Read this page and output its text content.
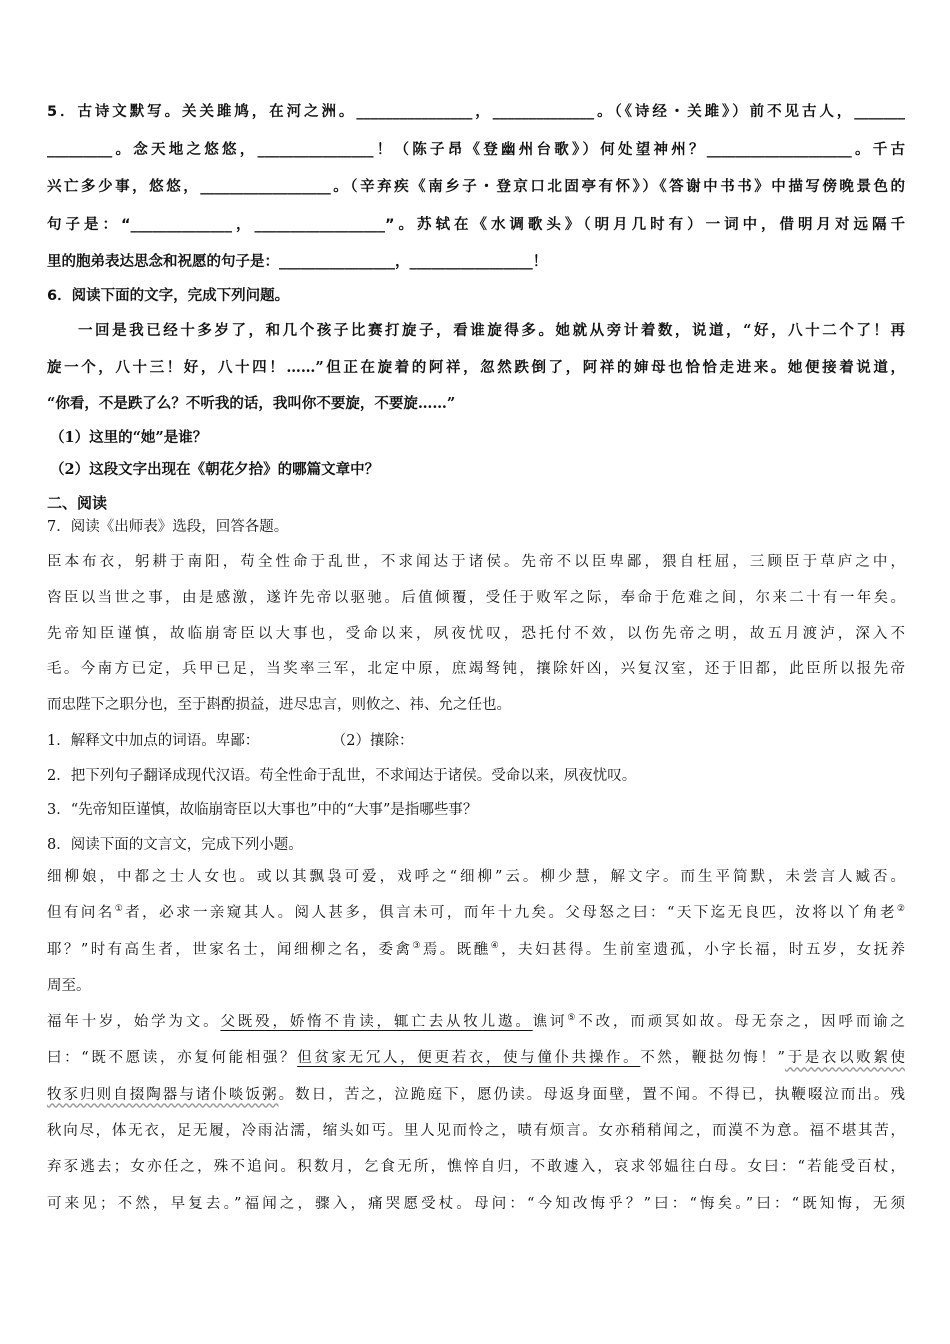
5．古诗文默写。关关雎鸠，在河之洲。________________，______________。（《诗经・关雎》）前不见古人，_______
_________。念天地之悠悠，________________！（陈子昂《登幽州台歌》）何处望神州？____________________。千古
兴亡多少事，悠悠，__________________。（辛弃疾《南乡子・登京口北固亭有怀》）《答谢中书书》中描写傍晚景色的
句子是：“______________，__________________”。苏轼在《水调歌头》（明月几时有）一词中，借明月对远隔千
里的胞弟表达思念和祝愿的句子是：________________，_________________！
6．阅读下面的文字，完成下列问题。
一回是我已经十多岁了，和几个孩子比赛打旋子，看谁旋得多。她就从旁计着数，说道，“好，八十二个了！再
旋一个，八十三！好，八十四！……”但正在旋着的阿祥，忽然跌倒了，阿祥的婶母也恰恰走进来。她便接着说道，
“你看，不是跌了么？不听我的话，我叫你不要旋，不要旋……”
（1）这里的“她”是谁？
（2）这段文字出现在《朝花夕拾》的哪篇文章中？
二、阅读
7．阅读《出师表》选段，回答各题。
臣本布衣，躬耕于南阳，苟全性命于乱世，不求闻达于诸侯。先帝不以臣卑鄙，猥自枉屈，三顾臣于草庐之中，
咨臣以当世之事，由是感激，遂许先帝以驱驰。后值倾覆，受任于败军之际，奉命于危难之间，尔来二十有一年矣。
先帝知臣谨慎，故临崩寄臣以大事也，受命以来，夙夜忧叹，恐托付不效，以伤先帝之明，故五月渡泸，深入不
毛。今南方已定，兵甲已足，当奖率三军，北定中原，庶竭驽钝，攘除奸凶，兴复汉室，还于旧都，此臣所以报先帝
而忠陛下之职分也，至于斟酌损益，进尽忠言，则攸之、祎、允之任也。
1．解释文中加点的词语。卑鄙：　　　　　　（2）攘除：
2．把下列句子翻译成现代汉语。苟全性命于乱世，不求闻达于诸侯。受命以来，夙夜忧叹。
3．“先帝知臣谨慎，故临崩寄臣以大事也”中的“大事”是指哪些事？
8．阅读下面的文言文，完成下列小题。
细柳娘，中都之士人女也。或以其飘袅可爱，戏呼之“细柳”云。柳少慧，解文字。而生平简默，未尝言人臧否。
但有问名①者，必求一亲窥其人。阅人甚多，俱言未可，而年十九矣。父母怒之曰：“天下迄无良匹，汝将以丫角老②
耶？”时有高生者，世家名士，闻细柳之名，委禽③焉。既醮④，夫妇甚得。生前室遗孤，小字长福，时五岁，女抚养
周至。
福年十岁，始学为文。父既殁，娇惰不肯读，辄亡去从牧儿遨。谯诃⑤不改，而顽冥如故。母无奈之，因呼而谕之
曰：“既不愿读，亦复何能相强？但贫家无冗人，便更若衣，使与僮仆共操作。不然，鞭挞勿悔！”于是衣以败絮使
牧豕归则自掇陶器与诸仆啖饭粥。数日，苦之，泣跪庭下，愿仍读。母返身面壁，置不闻。不得已，执鞭啜泣而出。残
秋向尽，体无衣，足无履，冷雨沾濡，缩头如丐。里人见而怜之，啧有烦言。女亦稍稍闻之，而漠不为意。福不堪其苦，
弃豕逃去；女亦任之，殊不追问。积数月，乞食无所，憔悴自归，不敢遽入，哀求邻媪往白母。女曰：“若能受百杖，
可来见；不然，早复去。”福闻之，骤入，痛哭愿受杖。母问：“今知改悔乎？”曰：“悔矣。”曰：“既知悔，无须
